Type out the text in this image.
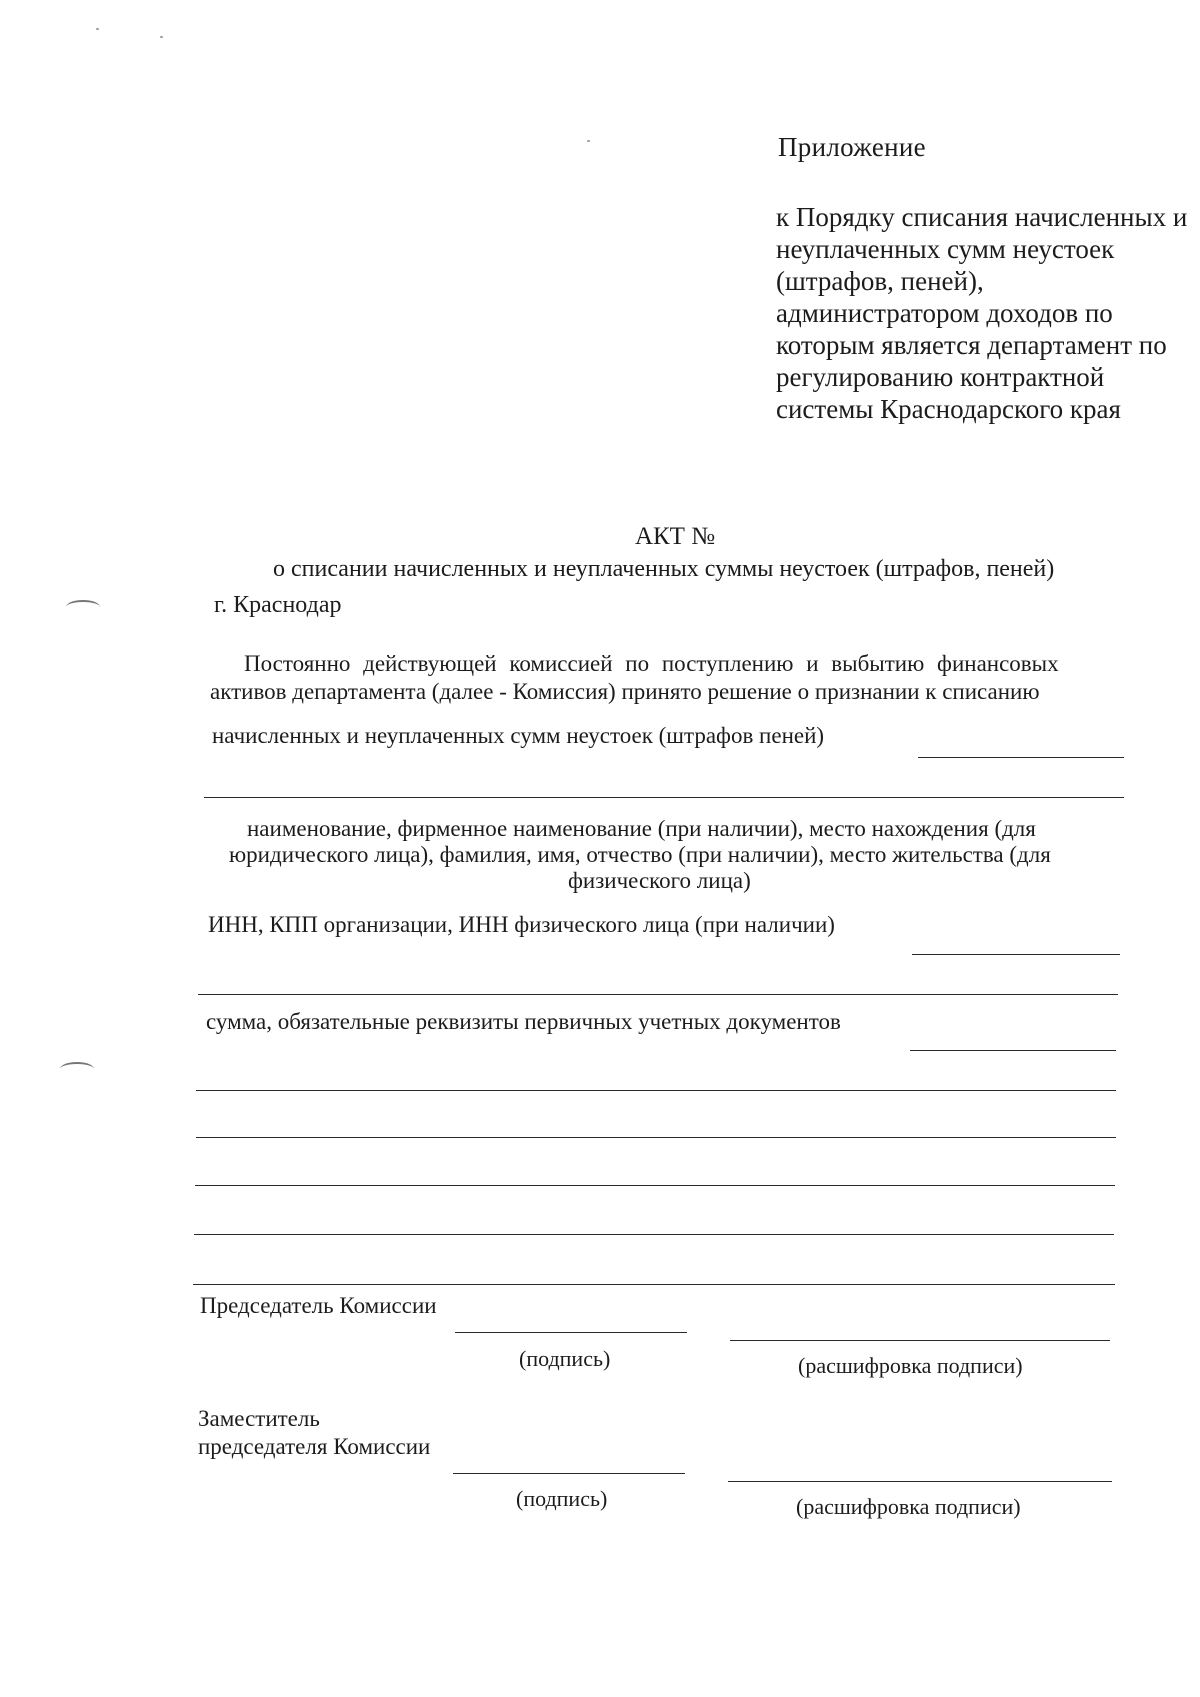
Приложение
к Порядку списания начисленных и
неуплаченных сумм неустоек
(штрафов, пеней),
администратором доходов по
которым является департамент по
регулированию контрактной
системы Краснодарского края
АКТ №
о списании начисленных и неуплаченных суммы неустоек (штрафов, пеней)
г. Краснодар
Постоянно действующей комиссией по поступлению и выбытию финансовых
активов департамента (далее - Комиссия) принято решение о признании к списанию
начисленных и неуплаченных сумм неустоек (штрафов пеней)
наименование, фирменное наименование (при наличии), место нахождения (для
юридического лица), фамилия, имя, отчество (при наличии), место жительства (для
физического лица)
ИНН, КПП организации, ИНН физического лица (при наличии)
сумма, обязательные реквизиты первичных учетных документов
Председатель Комиссии
(подпись)	(расшифровка подписи)
Заместитель
председателя Комиссии
(подпись)	(расшифровка подписи)
